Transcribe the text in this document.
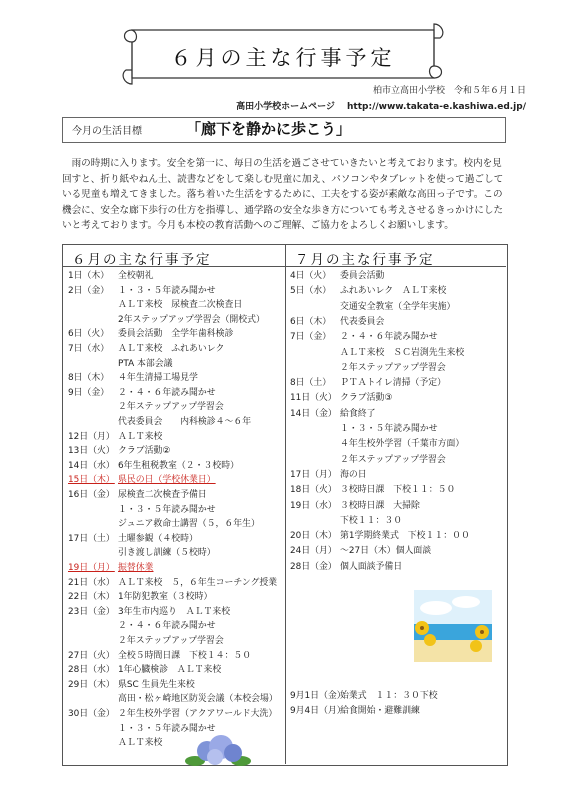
６月の主な行事予定
柏市立高田小学校　令和５年６月１日
高田小学校ホームページ　 http://www.takata-e.kashiwa.ed.jp/
今月の生活目標	「廊下を静かに歩こう」
雨の時期に入ります。安全を第一に、毎日の生活を過ごさせていきたいと考えております。校内を見回すと、折り紙やねん土、読書などをして楽しむ児童に加え、パソコンやタブレットを使って過ごしている児童も増えてきました。落ち着いた生活をするために、工夫をする姿が素敵な高田っ子です。この機会に、安全な廊下歩行の仕方を指導し、通学路の安全な歩き方についても考えさせるきっかけにしたいと考えております。今月も本校の教育活動へのご理解、ご協力をよろしくお願いします。
６月の主な行事予定	７月の主な行事予定
1日（木） 全校朝礼
2日（金） １・３・５年読み聞かせ
ＡＬＴ来校　尿検査二次検査日
2年ステップアップ学習会（開校式）
6日（火） 委員会活動　全学年歯科検診
7日（水） ＡＬＴ来校　ふれあいレク
PTA 本部会議
8日（木） ４年生清掃工場見学
9日（金） ２・４・６年読み聞かせ
２年ステップアップ学習会
代表委員会　　内科検診４～６年
12日（月） ＡＬＴ来校
13日（火） クラブ活動②
14日（水） 6年生租税教室（２・３校時）
15日（木） 県民の日（学校休業日）
16日（金） 尿検査二次検査予備日
１・３・５年読み聞かせ
ジュニア救命士講習（５，６年生）
17日（土） 土曜参観（４校時）
引き渡し訓練（５校時）
19日（月） 振替休業
21日（水） ＡＬＴ来校　５，６年生コーチング授業
22日（木） 1年防犯教室（３校時）
23日（金） 3年生市内巡り　ＡＬＴ来校
２・４・６年読み聞かせ
２年ステップアップ学習会
27日（火） 全校５時間日課　下校１４：５０
28日（水） 1年心臓検診　ＡＬＴ来校
29日（木） 県SC 生員先生来校
高田・松ヶ崎地区防災会議（本校会場）
30日（金） ２年生校外学習（アクアワールド大洗）
１・３・５年読み聞かせ
ＡＬＴ来校
4日（火） 委員会活動
5日（水） ふれあいレク　ＡＬＴ来校
交通安全教室（全学年実施）
6日（木） 代表委員会
7日（金） ２・４・６年読み聞かせ
ＡＬＴ来校　ＳＣ岩渕先生来校
２年ステップアップ学習会
8日（土） ＰＴＡトイレ清掃（予定）
11日（火） クラブ活動③
14日（金） 給食終了
１・３・５年読み聞かせ
４年生校外学習（千葉市方面）
２年ステップアップ学習会
17日（月） 海の日
18日（火） ３校時日課　下校１１：５０
19日（水） ３校時日課　大掃除
下校１１：３０
20日（木） 第1学期終業式　下校１１：００
24日（月） ～27日（木）個人面談
28日（金） 個人面談予備日
9月1日（金）始業式　１１：３０下校
9月4日（月）給食開始・避難訓練
